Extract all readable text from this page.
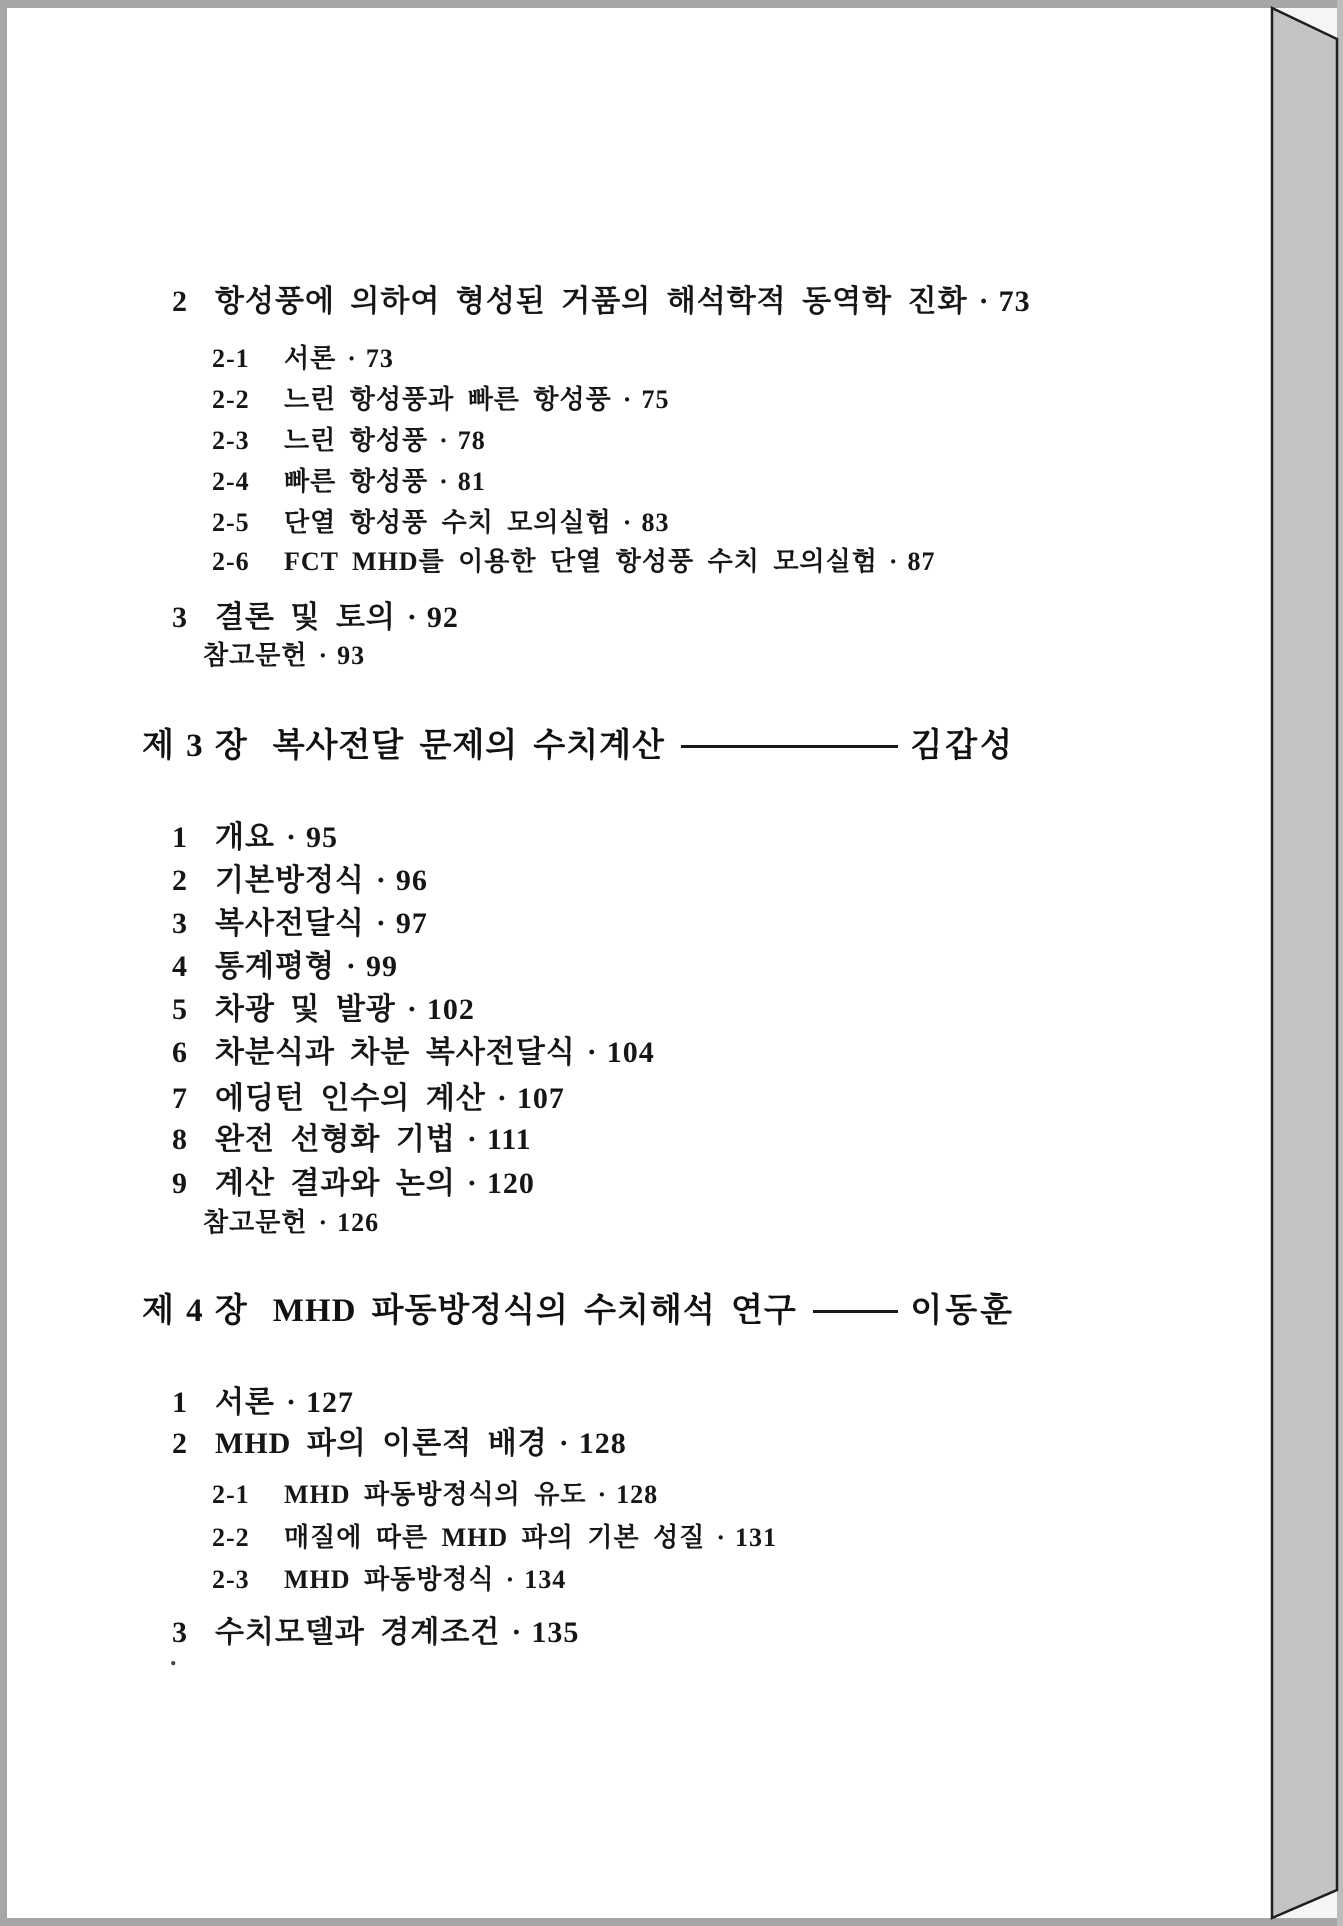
2 항성풍에 의하여 형성된 거품의 해석학적 동역학 진화 · 73
2-1	서론 · 73
2-2	느린 항성풍과 빠른 항성풍 · 75
2-3	느린 항성풍 · 78
2-4	빠른 항성풍 · 81
2-5	단열 항성풍 수치 모의실험 · 83
2-6	FCT MHD를 이용한 단열 항성풍 수치 모의실험 · 87
3 결론 및 토의 · 92
참고문헌 · 93
제 3 장 복사전달 문제의 수치계산	김갑성
1 개요 · 95
2 기본방정식 · 96
3 복사전달식 · 97
4 통계평형 · 99
5 차광 및 발광 · 102
6 차분식과 차분 복사전달식 · 104
7 에딩턴 인수의 계산 · 107
8 완전 선형화 기법 · 111
9 계산 결과와 논의 · 120
참고문헌 · 126
제 4 장 MHD 파동방정식의 수치해석 연구	이동훈
1 서론 · 127
2 MHD 파의 이론적 배경 · 128
2-1	MHD 파동방정식의 유도 · 128
2-2	매질에 따른 MHD 파의 기본 성질 · 131
2-3	MHD 파동방정식 · 134
3 수치모델과 경계조건 · 135
.
